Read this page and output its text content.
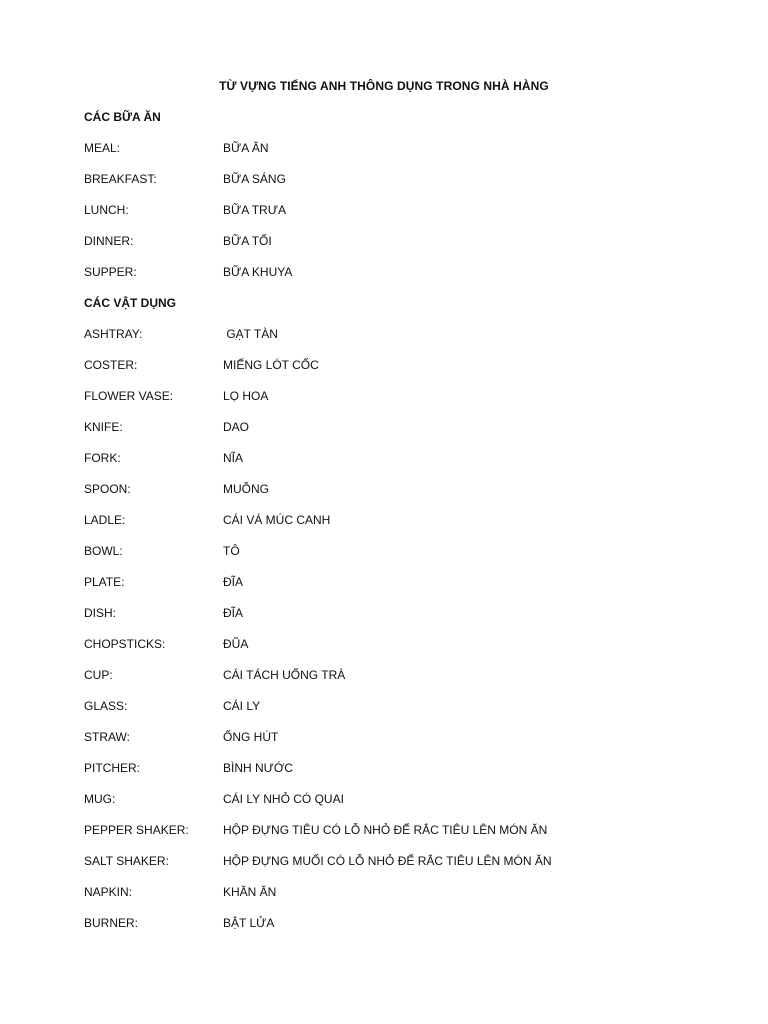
TỪ VỰNG TIẾNG ANH THÔNG DỤNG TRONG NHÀ HÀNG
CÁC BỮA ĂN
MEAL:	BỮA ĂN
BREAKFAST:	BỮA SÁNG
LUNCH:	BỮA TRƯA
DINNER:	BỮA TỐI
SUPPER:	BỮA KHUYA
CÁC VẬT DỤNG
ASHTRAY:	GẠT TÀN
COSTER:	MIẾNG LÓT CỐC
FLOWER VASE:	LỌ HOA
KNIFE:	DAO
FORK:	NĨA
SPOON:	MUỖNG
LADLE:	CÁI VÁ MÚC CANH
BOWL:	TÔ
PLATE:	ĐĨA
DISH:	ĐĨA
CHOPSTICKS:	ĐŨA
CUP:	CÁI TÁCH UỐNG TRÀ
GLASS:	CÁI LY
STRAW:	ỐNG HÚT
PITCHER:	BÌNH NƯỚC
MUG:	CÁI LY NHỎ CÓ QUAI
PEPPER SHAKER:	HỘP ĐỰNG TIÊU CÓ LỖ NHỎ ĐỂ RẮC TIÊU LÊN MÓN ĂN
SALT SHAKER:	HỘP ĐỰNG MUỐI CÓ LỖ NHỎ ĐỂ RẮC TIÊU LÊN MÓN ĂN
NAPKIN:	KHĂN ĂN
BURNER:	BẬT LỬA
